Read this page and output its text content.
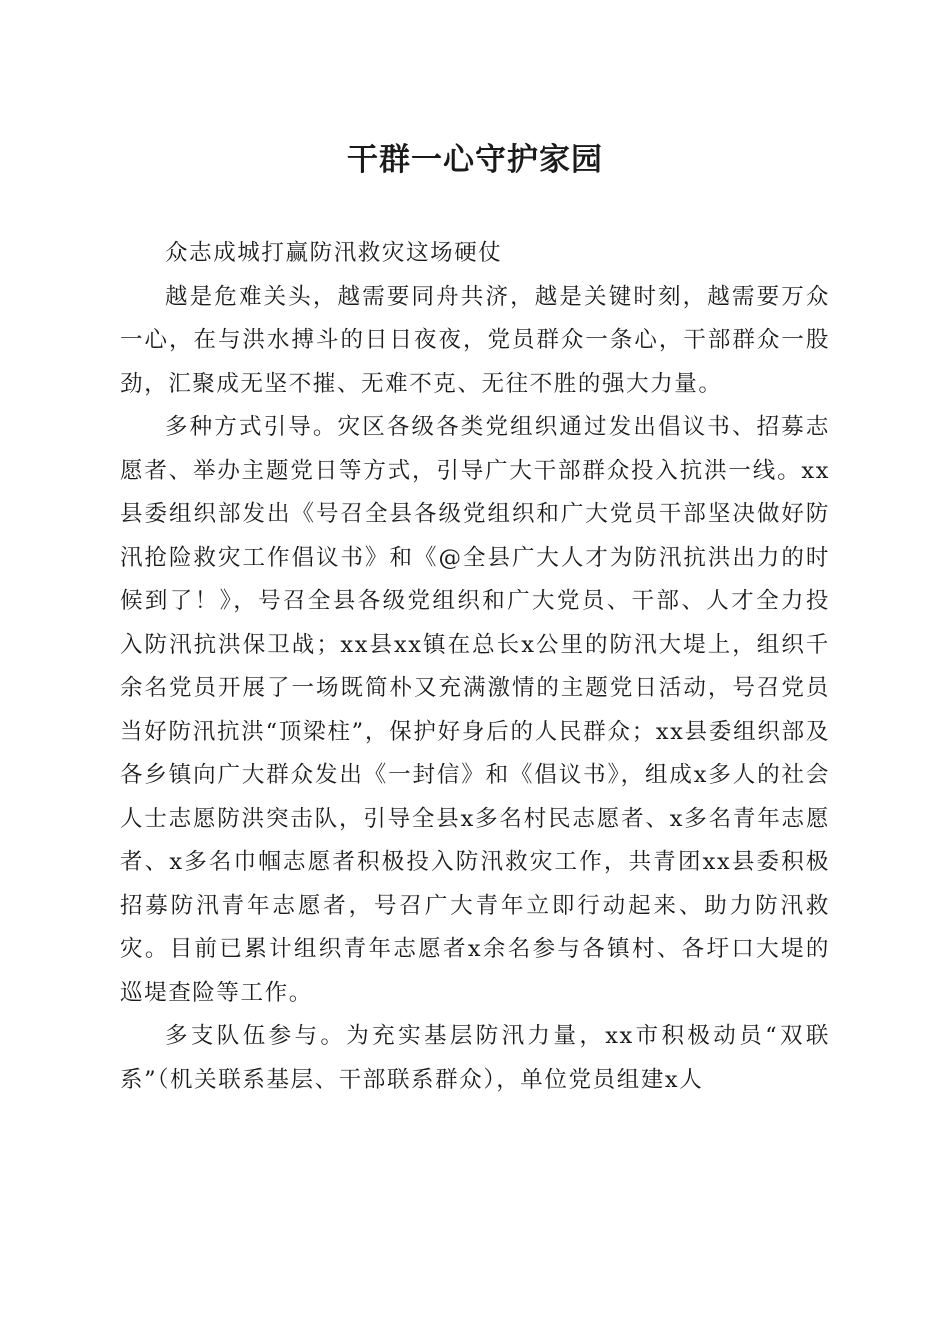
干群一心守护家园

众志成城打赢防汛救灾这场硬仗

越是危难关头，越需要同舟共济，越是关键时刻，越需要万众一心，在与洪水搏斗的日日夜夜，党员群众一条心，干部群众一股劲，汇聚成无坚不摧、无难不克、无往不胜的强大力量。

多种方式引导。灾区各级各类党组织通过发出倡议书、招募志愿者、举办主题党日等方式，引导广大干部群众投入抗洪一线。xx县委组织部发出《号召全县各级党组织和广大党员干部坚决做好防汛抢险救灾工作倡议书》和《@全县广大人才为防汛抗洪出力的时候到了！》，号召全县各级党组织和广大党员、干部、人才全力投入防汛抗洪保卫战；xx县xx镇在总长x公里的防汛大堤上，组织千余名党员开展了一场既简朴又充满激情的主题党日活动，号召党员当好防汛抗洪“顶梁柱”，保护好身后的人民群众；xx县委组织部及各乡镇向广大群众发出《一封信》和《倡议书》，组成x多人的社会人士志愿防洪突击队，引导全县x多名村民志愿者、x多名青年志愿者、x多名巾帼志愿者积极投入防汛救灾工作，共青团xx县委积极招募防汛青年志愿者，号召广大青年立即行动起来、助力防汛救灾。目前已累计组织青年志愿者x余名参与各镇村、各圩口大堤的巡堤查险等工作。

多支队伍参与。为充实基层防汛力量，xx市积极动员“双联系”（机关联系基层、干部联系群众），单位党员组建x人
